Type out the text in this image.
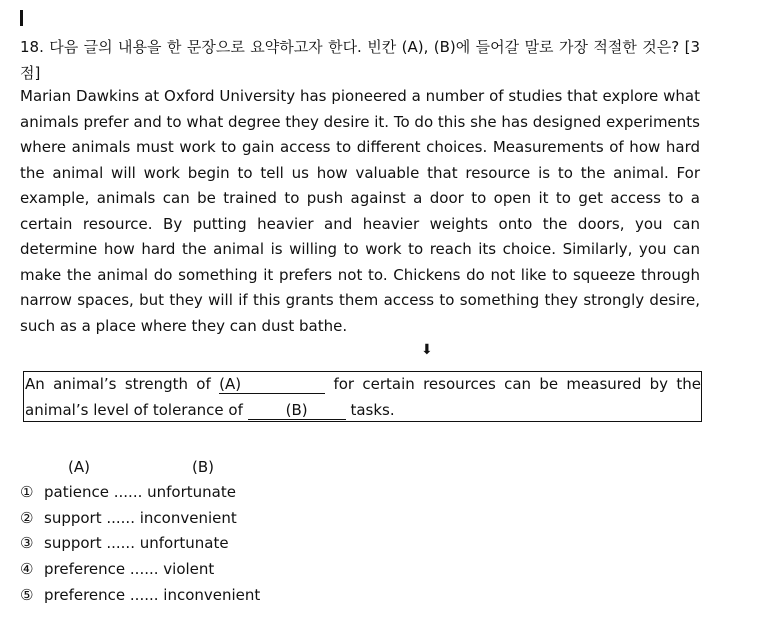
18. 다음 글의 내용을 한 문장으로 요약하고자 한다. 빈칸 (A), (B)에 들어갈 말로 가장 적절한 것은? [3점]
Marian Dawkins at Oxford University has pioneered a number of studies that explore what animals prefer and to what degree they desire it. To do this she has designed experiments where animals must work to gain access to different choices. Measurements of how hard the animal will work begin to tell us how valuable that resource is to the animal. For example, animals can be trained to push against a door to open it to get access to a certain resource. By putting heavier and heavier weights onto the doors, you can determine how hard the animal is willing to work to reach its choice. Similarly, you can make the animal do something it prefers not to. Chickens do not like to squeeze through narrow spaces, but they will if this grants them access to something they strongly desire, such as a place where they can dust bathe.
⬇
An animal’s strength of (A)	for certain resources can be measured by the
animal’s level of tolerance of	(B)	tasks.
(A)	(B)
① patience ...... unfortunate
② support ...... inconvenient
③ support ...... unfortunate
④ preference ...... violent
⑤ preference ...... inconvenient
